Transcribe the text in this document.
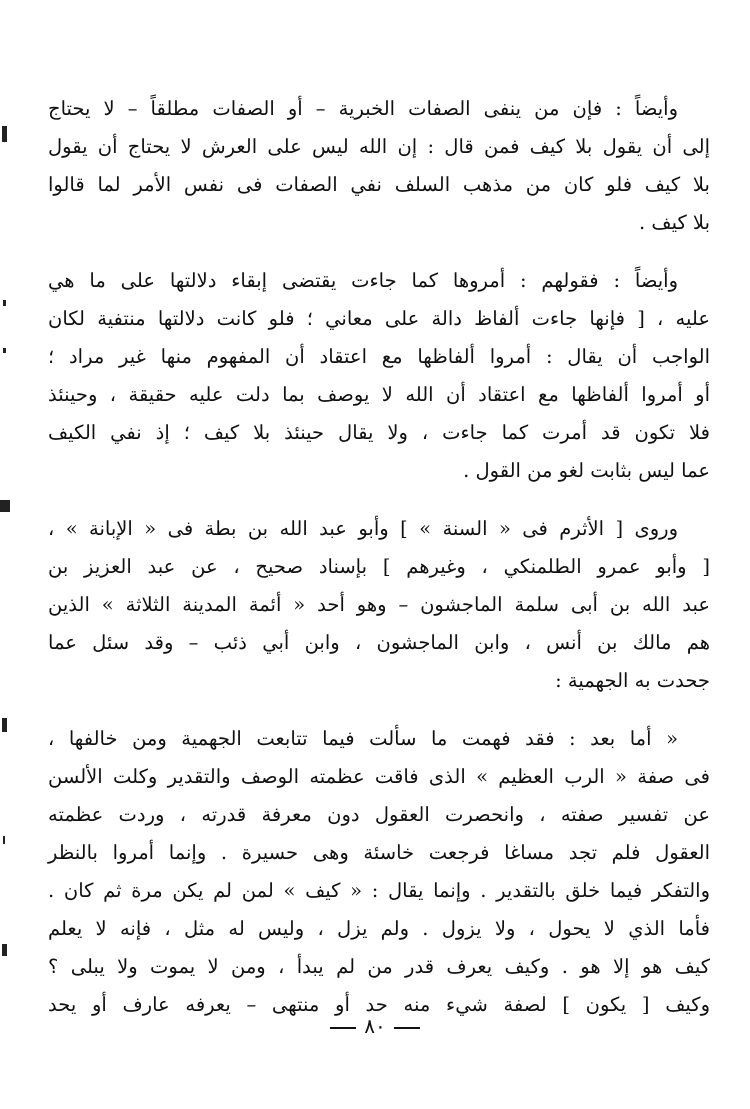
وأيضاً : فإن من ينفى الصفات الخبرية – أو الصفات مطلقاً – لا يحتاج
إلى أن يقول بلا كيف فمن قال : إن الله ليس على العرش لا يحتاج أن يقول
بلا كيف فلو كان من مذهب السلف نفي الصفات فى نفس الأمر لما قالوا
بلا كيف .
وأيضاً : فقولهم : أمروها كما جاءت يقتضى إبقاء دلالتها على ما هي
عليه ، [ فإنها جاءت ألفاظ دالة على معاني ؛ فلو كانت دلالتها منتفية لكان
الواجب أن يقال : أمروا ألفاظها مع اعتقاد أن المفهوم منها غير مراد ؛
أو أمروا ألفاظها مع اعتقاد أن الله لا يوصف بما دلت عليه حقيقة ، وحينئذ
فلا تكون قد أمرت كما جاءت ، ولا يقال حينئذ بلا كيف ؛ إذ نفي الكيف
عما ليس بثابت لغو من القول .
وروى [ الأثرم فى « السنة » ] وأبو عبد الله بن بطة فى « الإبانة » ،
[ وأبو عمرو الطلمنكي ، وغيرهم ] بإسناد صحيح ، عن عبد العزيز بن
عبد الله بن أبى سلمة الماجشون – وهو أحد « أئمة المدينة الثلاثة » الذين
هم مالك بن أنس ، وابن الماجشون ، وابن أبي ذئب – وقد سئل عما
جحدت به الجهمية :
« أما بعد : فقد فهمت ما سألت فيما تتابعت الجهمية ومن خالفها ،
فى صفة « الرب العظيم » الذى فاقت عظمته الوصف والتقدير وكلت الألسن
عن تفسير صفته ، وانحصرت العقول دون معرفة قدرته ، وردت عظمته
العقول فلم تجد مساغا فرجعت خاسئة وهى حسيرة . وإنما أمروا بالنظر
والتفكر فيما خلق بالتقدير . وإنما يقال : « كيف » لمن لم يكن مرة ثم كان .
فأما الذي لا يحول ، ولا يزول . ولم يزل ، وليس له مثل ، فإنه لا يعلم
كيف هو إلا هو . وكيف يعرف قدر من لم يبدأ ، ومن لا يموت ولا يبلى ؟
وكيف [ يكون ] لصفة شيء منه حد أو منتهى – يعرفه عارف أو يحد
٨٠
